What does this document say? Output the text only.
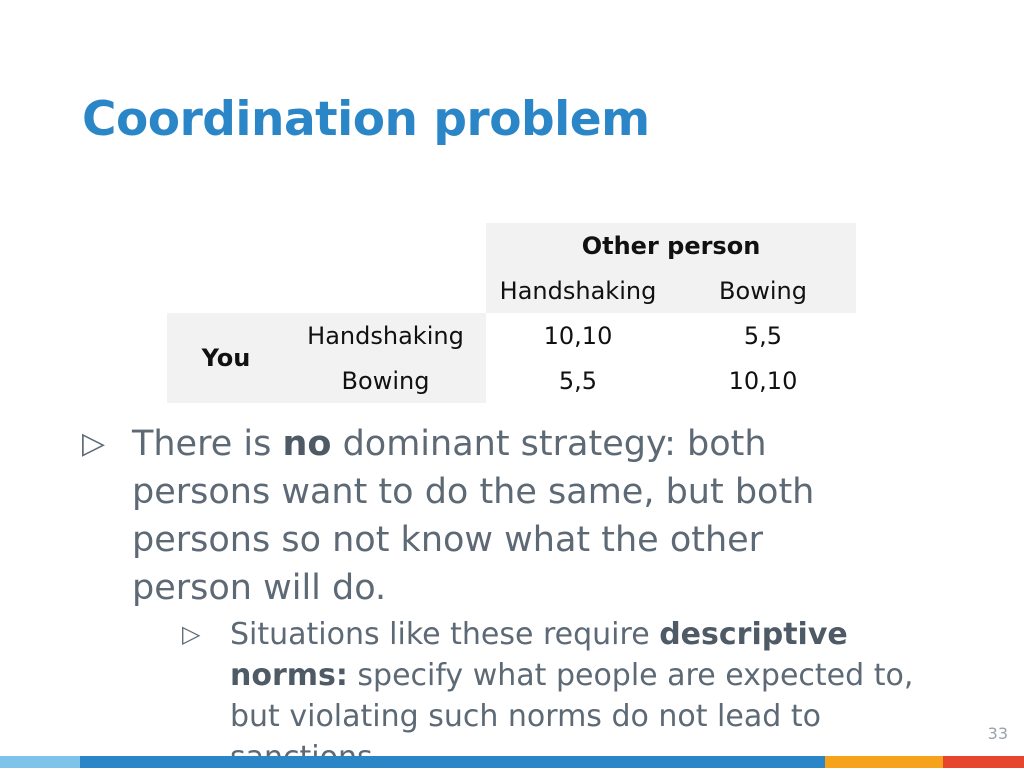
Coordination problem
		Other person	
		Handshaking	Bowing
You	Handshaking	10,10	5,5
	Bowing	5,5	10,10
▷ There is no dominant strategy: both persons want to do the same, but both persons so not know what the other person will do.
▷ Situations like these require descriptive norms: specify what people are expected to, but violating such norms do not lead to	33
